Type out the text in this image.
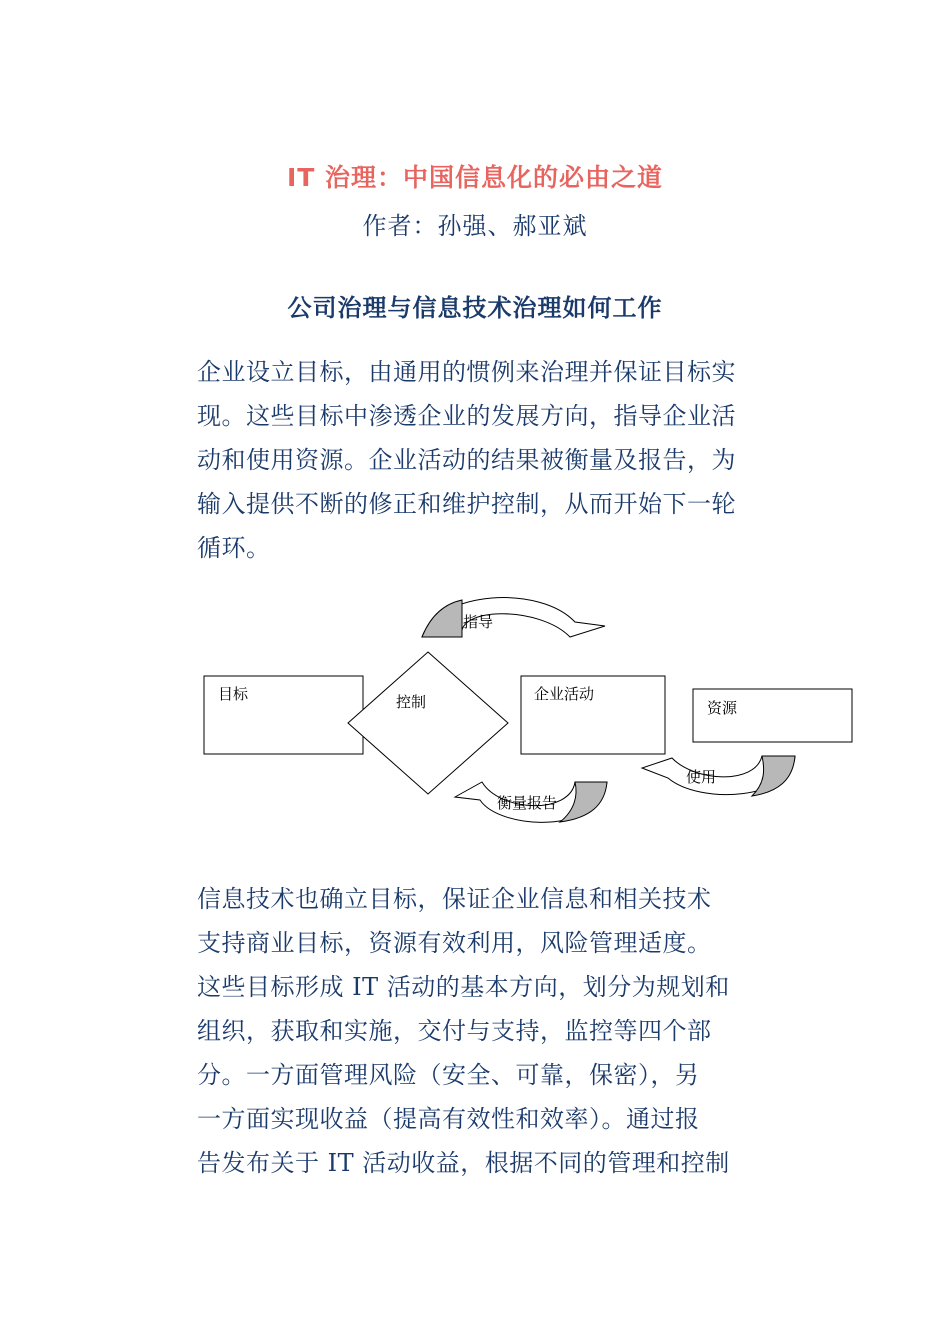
IT 治理：中国信息化的必由之道
作者：孙强、郝亚斌
公司治理与信息技术治理如何工作

企业设立目标，由通用的惯例来治理并保证目标实现。这些目标中渗透企业的发展方向，指导企业活动和使用资源。企业活动的结果被衡量及报告，为输入提供不断的修正和维护控制，从而开始下一轮循环。

指导
目标	控制	企业活动
资源
衡量报告
使用
信息技术也确立目标，保证企业信息和相关技术
支持商业目标，资源有效利用，风险管理适度。
这些目标形成 IT 活动的基本方向，划分为规划和
组织，获取和实施，交付与支持，监控等四个部
分。一方面管理风险（安全、可靠，保密），另
一方面实现收益（提高有效性和效率）。通过报
告发布关于 IT 活动收益，根据不同的管理和控制
